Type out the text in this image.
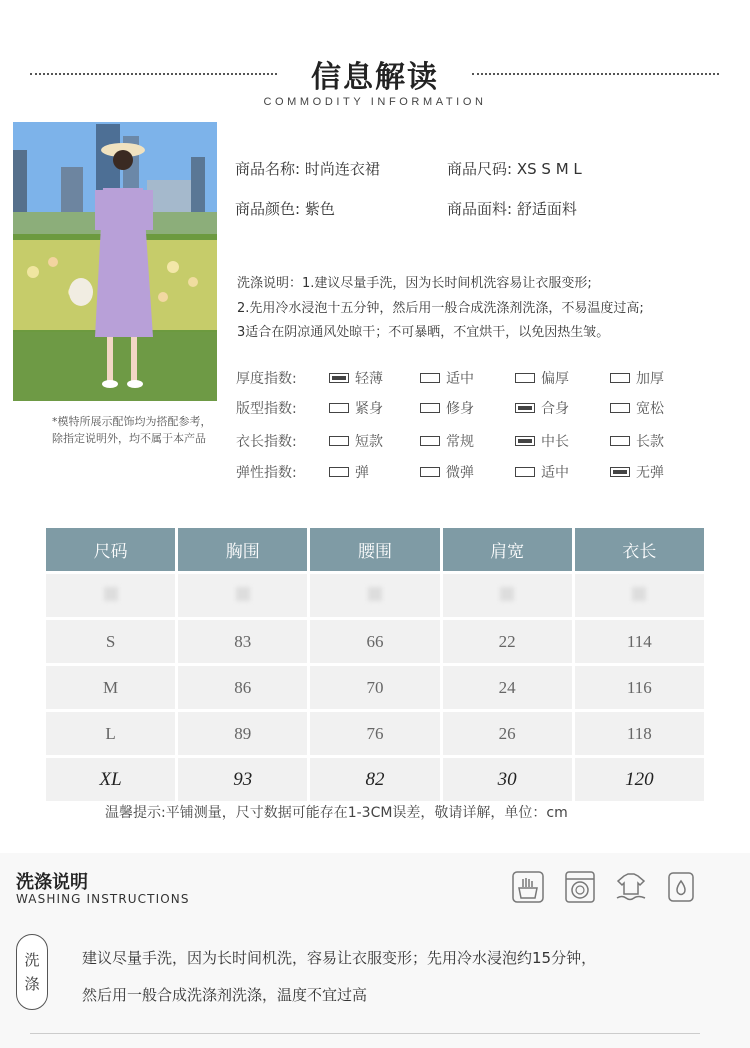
信息解读
COMMODITY INFORMATION
*模特所展示配饰均为搭配参考，除指定说明外，均不属于本产品
商品名称: 时尚连衣裙	商品尺码: XS S M L
商品颜色: 紫色	商品面料: 舒适面料
洗涤说明：1.建议尽量手洗，因为长时间机洗容易让衣服变形;
2.先用冷水浸泡十五分钟，然后用一般合成洗涤剂洗涤，不易温度过高;
3适合在阴凉通风处晾干；不可暴晒，不宜烘干，以免因热生皱。
厚度指数:	轻薄	适中	偏厚	加厚
版型指数:	紧身	修身	合身	宽松
衣长指数:	短款	常规	中长	长款
弹性指数:	弹	微弹	适中	无弹
尺码	胸围	腰围	肩宽	衣长

S	83	66	22	114
M	86	70	24	116
L	89	76	26	118
XL	93	82	30	120
温馨提示:平铺测量，尺寸数据可能存在1-3CM误差，敬请详解，单位：cm
洗涤说明
WASHING INSTRUCTIONS
洗
涤
建议尽量手洗，因为长时间机洗，容易让衣服变形；先用冷水浸泡约15分钟，
然后用一般合成洗涤剂洗涤，温度不宜过高
